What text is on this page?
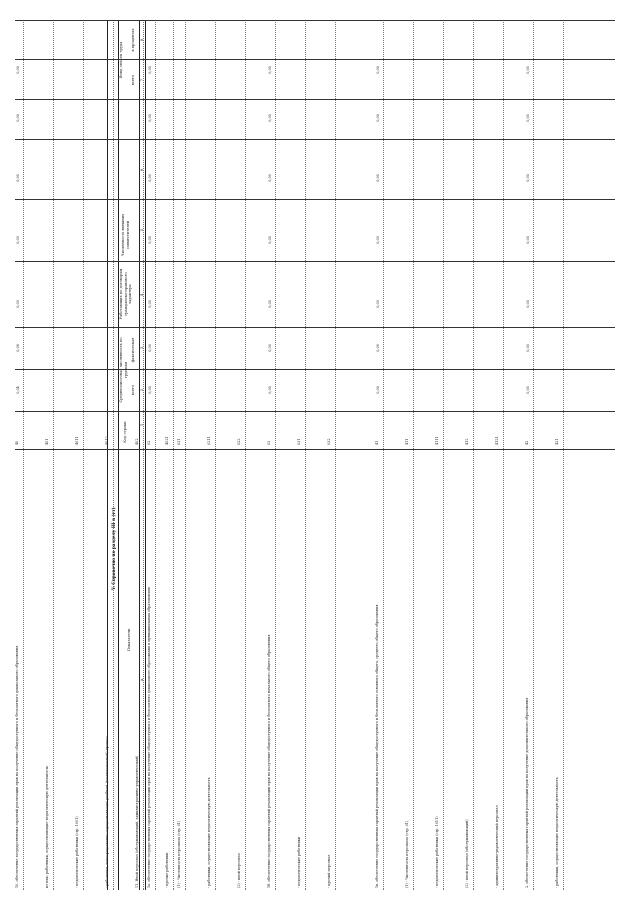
10. обеспечение государственных гарантий реализации прав на получение общедоступного и бесплатного дошкольного образования
40
0,04
0,06
0,00
0,00
0,00
0,00
0,00
из них: работники, осуществляющие педагогическую деятельность
401
- педагогические работники (стр. 1001)
4011
- работники, непосредственно осуществляющие учебный (воспитательный) процесс
4012
11. Иной персонал (обслуживающий, административно-управленческий)
402
- прочие работники
4021
V. Справочно по разделу III в (тт)
Показатели
Код строки
Среднесписочная численность по группам
всего
фактическая
Работающих по договорам гражданско-правового характера
Численность внешних совместителей
Фонд оплаты труда
всего
в процентах
А
1
2
3
4
5
6
7
8
1а. обеспечение государственных гарантий реализации прав на получение общедоступного и бесплатного дошкольного образования в муниципальных образованиях
02
0,00
0,00
0,00
0,00
0,00
0,00
0,00
(1) - Численность персонала (стр. 01)
021
- работники, осуществляющие педагогическую деятельность
0211
(2) - иной персонал
022
1б. обеспечение государственных гарантий реализации прав на получение общедоступного и бесплатного начального общего образования
03
0,00
0,00
0,00
0,00
0,00
0,00
0,00
- педагогические работники
031
- прочий персонал
032
1в. обеспечение государственных гарантий реализации прав на получение общедоступного и бесплатного основного общего, среднего общего образования
41
0,00
0,00
0,00
0,00
0,00
0,00
0,00
(1) - Численность персонала (стр. 01)
411
- педагогические работники (стр. 1011)
4111
(2) - иной персонал (обслуживающий)
412
- административно-управленческий персонал
4121
2. обеспечение государственных гарантий реализации прав на получение дополнительного образования
42
0,00
0,00
0,00
0,00
0,00
0,00
0,00
- работники, осуществляющие педагогическую деятельность
421
